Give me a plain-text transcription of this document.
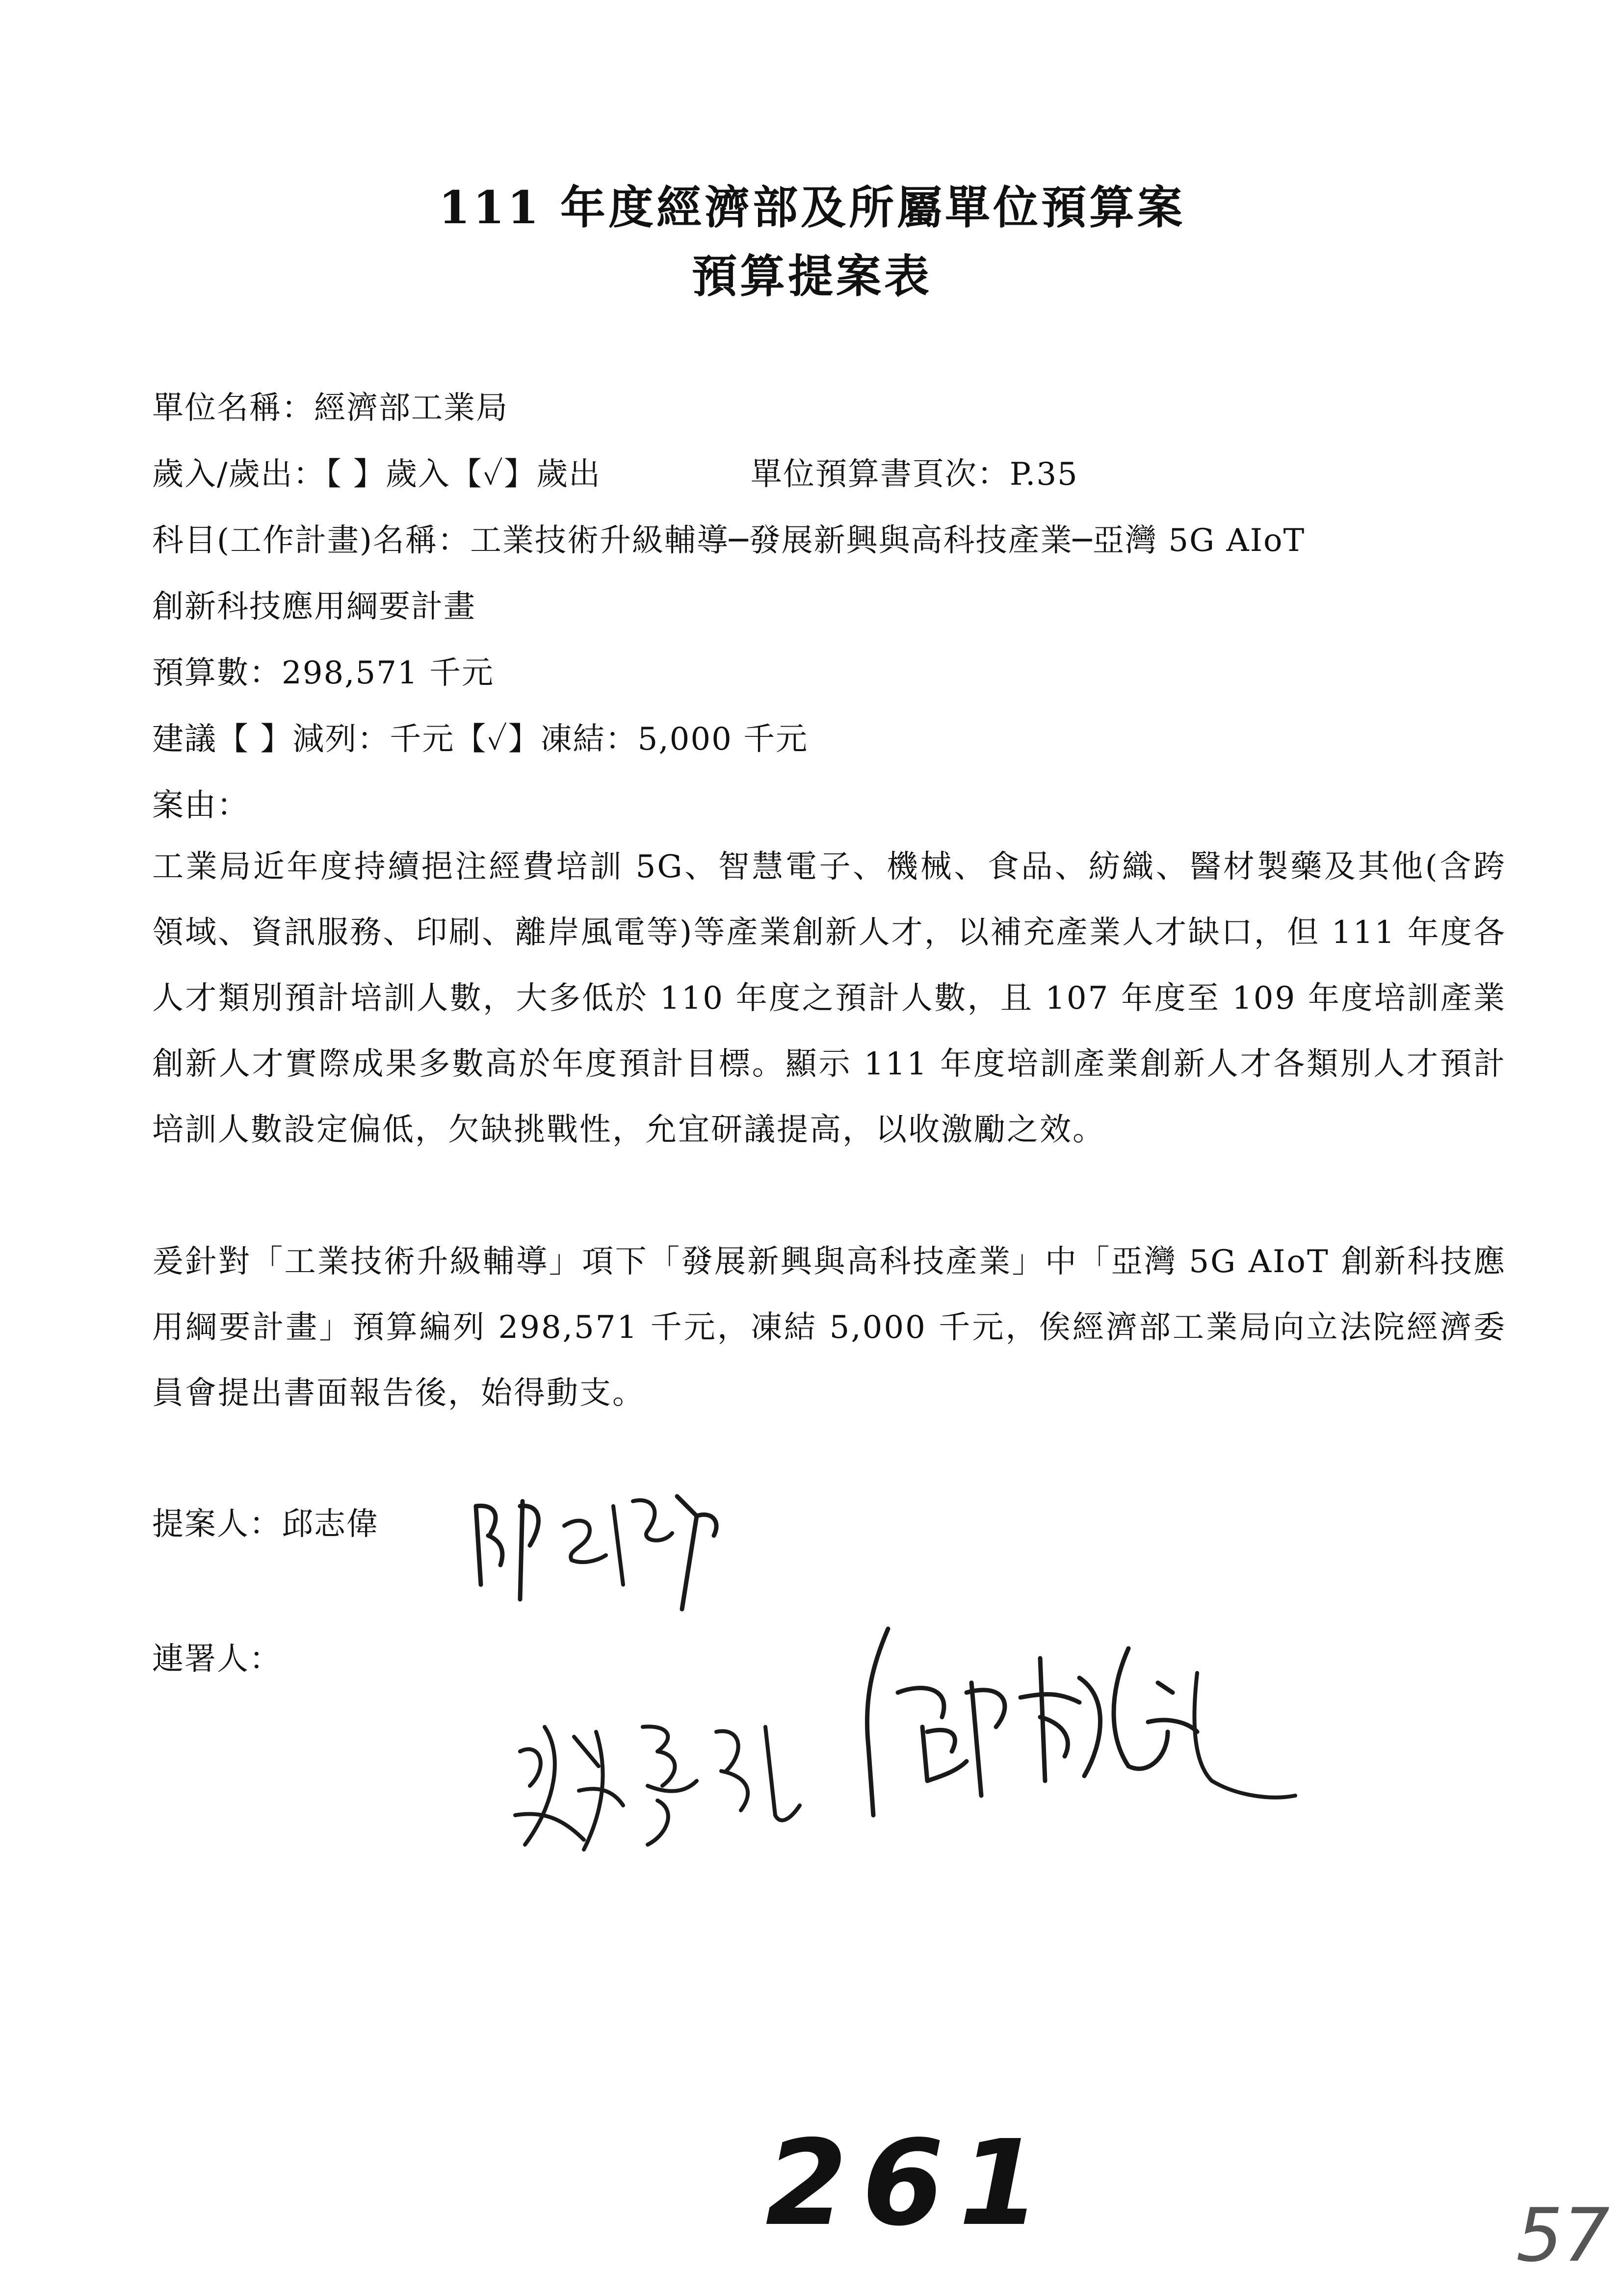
111 年度經濟部及所屬單位預算案
預算提案表
單位名稱：經濟部工業局
歲入/歲出：【 】歲入【✓】歲出	單位預算書頁次：P.35
科目(工作計畫)名稱：工業技術升級輔導─發展新興與高科技產業─亞灣 5G AIoT
創新科技應用綱要計畫
預算數：298,571 千元
建議【 】減列：千元【✓】凍結：5,000 千元
案由：
工業局近年度持續挹注經費培訓 5G、智慧電子、機械、食品、紡織、醫材製藥及其他(含跨領域、資訊服務、印刷、離岸風電等)等產業創新人才，以補充產業人才缺口，但 111 年度各人才類別預計培訓人數，大多低於 110 年度之預計人數，且 107 年度至 109 年度培訓產業創新人才實際成果多數高於年度預計目標。顯示 111 年度培訓產業創新人才各類別人才預計培訓人數設定偏低，欠缺挑戰性，允宜研議提高，以收激勵之效。
爰針對「工業技術升級輔導」項下「發展新興與高科技產業」中「亞灣 5G AIoT 創新科技應用綱要計畫」預算編列 298,571 千元，凍結 5,000 千元，俟經濟部工業局向立法院經濟委員會提出書面報告後，始得動支。
提案人：邱志偉
連署人：
261	57
